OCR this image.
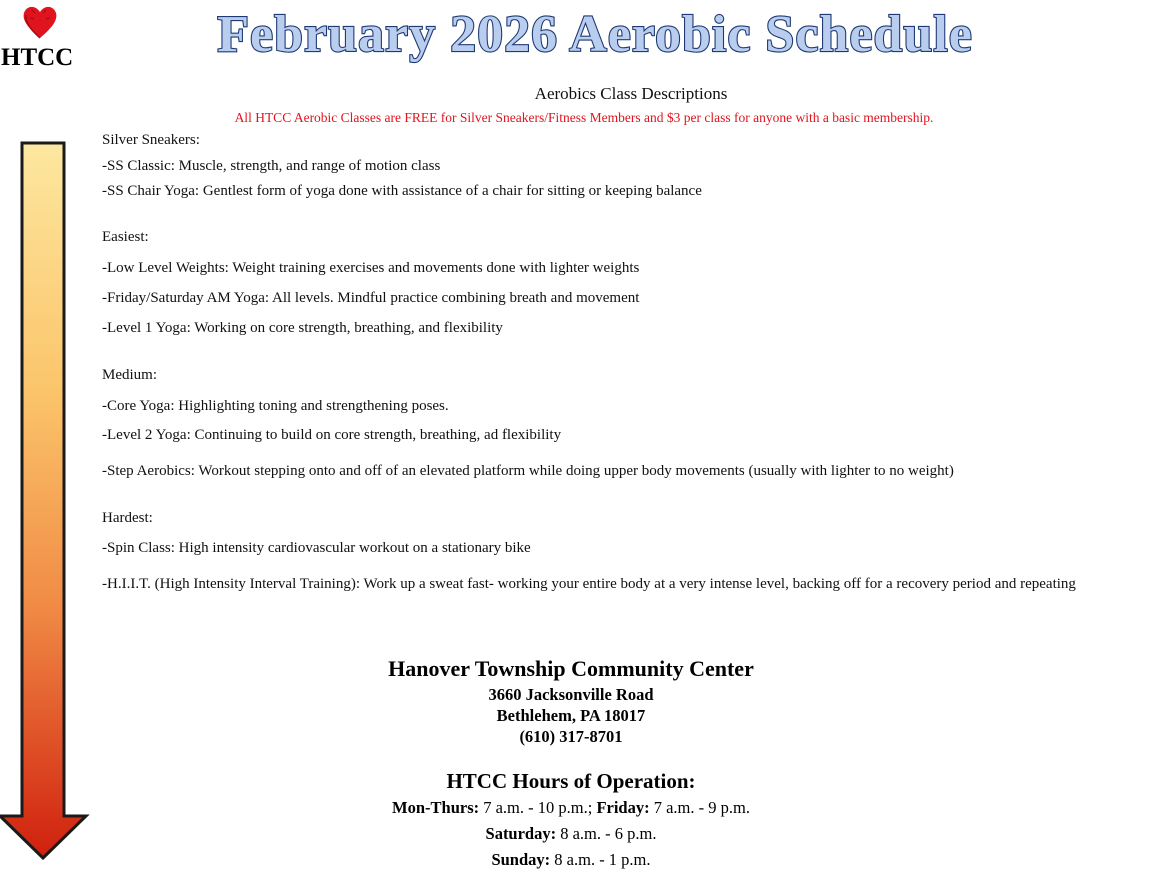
HTCC	February 2026 Aerobic Schedule
Aerobics Class Descriptions
All HTCC Aerobic Classes are FREE for Silver Sneakers/Fitness Members and $3 per class for anyone with a basic membership.
Silver Sneakers:
-SS Classic: Muscle, strength, and range of motion class
-SS Chair Yoga: Gentlest form of yoga done with assistance of a chair for sitting or keeping balance
Easiest:
-Low Level Weights: Weight training exercises and movements done with lighter weights
-Friday/Saturday AM Yoga: All levels. Mindful practice combining breath and movement
-Level 1 Yoga: Working on core strength, breathing, and flexibility
Medium:
-Core Yoga: Highlighting toning and strengthening poses.
-Level 2 Yoga: Continuing to build on core strength, breathing, ad flexibility
-Step Aerobics: Workout stepping onto and off of an elevated platform while doing upper body movements (usually with lighter to no weight)
Hardest:
-Spin Class: High intensity cardiovascular workout on a stationary bike
-H.I.I.T. (High Intensity Interval Training): Work up a sweat fast- working your entire body at a very intense level, backing off for a recovery period and repeating
Hanover Township Community Center
3660 Jacksonville Road
Bethlehem, PA 18017
(610) 317-8701
HTCC Hours of Operation:
Mon-Thurs: 7 a.m. - 10 p.m.; Friday: 7 a.m. - 9 p.m.
Saturday: 8 a.m. - 6 p.m.
Sunday: 8 a.m. - 1 p.m.
